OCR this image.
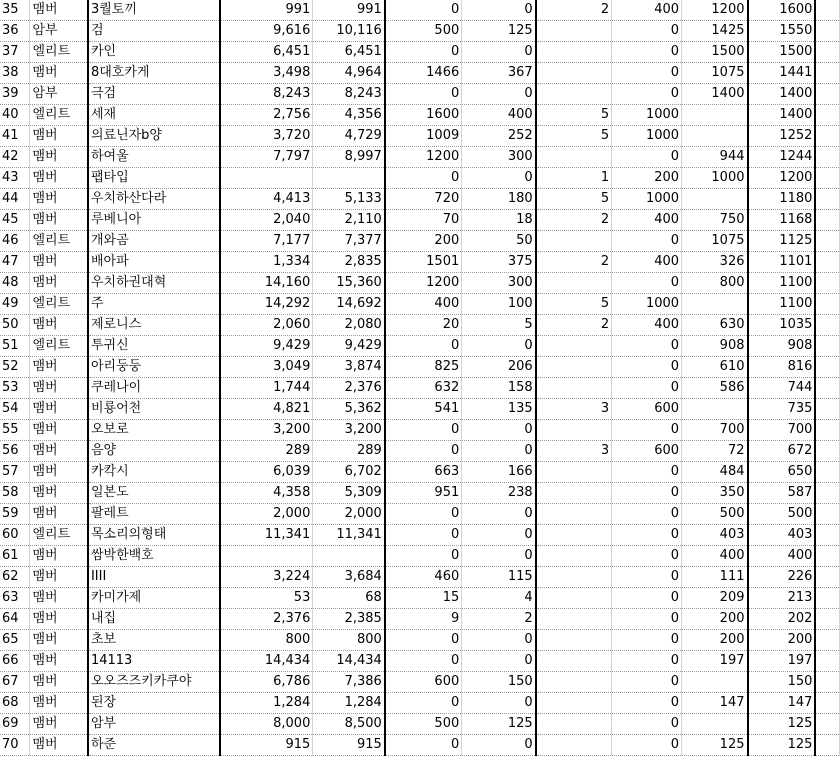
35	맴버	3퀄토끼	991	991	0	0	2	400	1200	1600	
36	암부	검	9,616	10,116	500	125		0	1425	1550	
37	엘리트	카인	6,451	6,451	0	0		0	1500	1500	
38	맴버	8대호카게	3,498	4,964	1466	367		0	1075	1441	
39	암부	극검	8,243	8,243	0	0		0	1400	1400	
40	엘리트	세재	2,756	4,356	1600	400	5	1000		1400	
41	맴버	의료닌자b양	3,720	4,729	1009	252	5	1000		1252	
42	맴버	하여울	7,797	8,997	1200	300		0	944	1244	
43	맴버	팹타입			0	0	1	200	1000	1200	
44	맴버	우치하산다라	4,413	5,133	720	180	5	1000		1180	
45	맴버	루베니아	2,040	2,110	70	18	2	400	750	1168	
46	엘리트	개와곰	7,177	7,377	200	50		0	1075	1125	
47	맴버	배아파	1,334	2,835	1501	375	2	400	326	1101	
48	맴버	우치하권대혁	14,160	15,360	1200	300		0	800	1100	
49	엘리트	주	14,292	14,692	400	100	5	1000		1100	
50	맴버	제로니스	2,060	2,080	20	5	2	400	630	1035	
51	엘리트	투귀신	9,429	9,429	0	0		0	908	908	
52	맴버	아리둥둥	3,049	3,874	825	206		0	610	816	
53	맴버	쿠레나이	1,744	2,376	632	158		0	586	744	
54	맴버	비룡어천	4,821	5,362	541	135	3	600		735	
55	맴버	오보로	3,200	3,200	0	0		0	700	700	
56	맴버	음양	289	289	0	0	3	600	72	672	
57	맴버	카칵시	6,039	6,702	663	166		0	484	650	
58	맴버	일본도	4,358	5,309	951	238		0	350	587	
59	맴버	팔레트	2,000	2,000	0	0		0	500	500	
60	엘리트	목소리의형태	11,341	11,341	0	0		0	403	403	
61	맴버	쌈박한백호			0	0		0	400	400	
62	맴버	IIII	3,224	3,684	460	115		0	111	226	
63	맴버	카미가제	53	68	15	4		0	209	213	
64	맴버	내집	2,376	2,385	9	2		0	200	202	
65	맴버	초보	800	800	0	0		0	200	200	
66	맴버	14113	14,434	14,434	0	0		0	197	197	
67	맴버	오오즈즈키카쿠야	6,786	7,386	600	150		0		150	
68	맴버	된장	1,284	1,284	0	0		0	147	147	
69	맴버	암부	8,000	8,500	500	125		0		125	
70	맴버	하준	915	915	0	0		0	125	125	
